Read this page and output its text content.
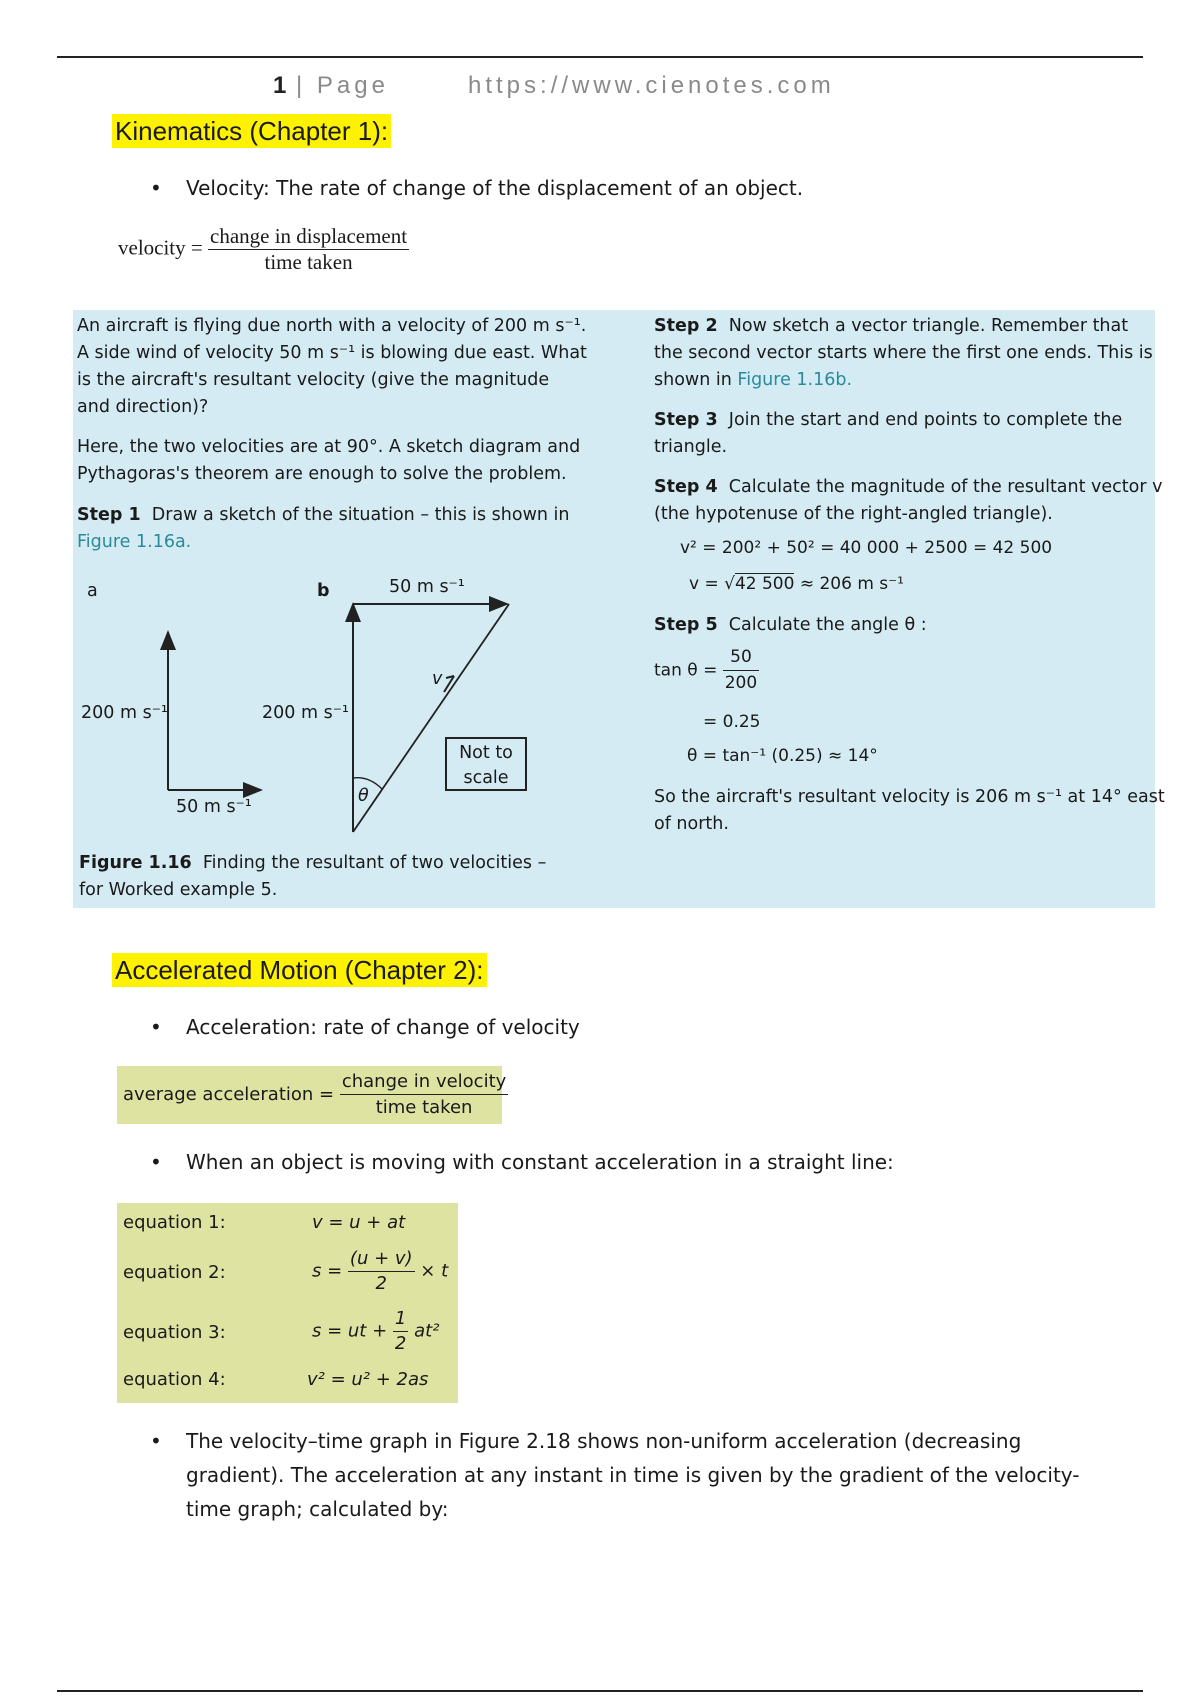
1 | Page	https://www.cienotes.com
Kinematics (Chapter 1):
• Velocity: The rate of change of the displacement of an object.
velocity = $\frac{\text{change in displacement}}{\text{time taken}}$
An aircraft is flying due north with a velocity of 200 m s⁻¹.
A side wind of velocity 50 m s⁻¹ is blowing due east. What
is the aircraft's resultant velocity (give the magnitude
and direction)?
Here, the two velocities are at 90°. A sketch diagram and
Pythagoras's theorem are enough to solve the problem.
Step 1 Draw a sketch of the situation – this is shown in
Figure 1.16a.
a	b
200 m s⁻¹
50 m s⁻¹
50 m s⁻¹
200 m s⁻¹
v
θ
Not to
scale
Figure 1.16 Finding the resultant of two velocities –
for Worked example 5.
Step 2 Now sketch a vector triangle. Remember that
the second vector starts where the first one ends. This is
shown in Figure 1.16b.
Step 3 Join the start and end points to complete the
triangle.
Step 4 Calculate the magnitude of the resultant vector v
(the hypotenuse of the right-angled triangle).
v² = 200² + 50² = 40 000 + 2500 = 42 500
v = √42 500 ≈ 206 m s⁻¹
Step 5 Calculate the angle θ :
$\tan \theta = \frac{50}{200}$
= 0.25
θ = tan⁻¹ (0.25) ≈ 14°
So the aircraft's resultant velocity is 206 m s⁻¹ at 14° east
of north.
Accelerated Motion (Chapter 2):
• Acceleration: rate of change of velocity
average acceleration = $\frac{\text{change in velocity}}{\text{time taken}}$
• When an object is moving with constant acceleration in a straight line:
equation 1:	v = u + at
equation 2:	$s = \frac{(u + v)}{2} \times t$
equation 3:	s = ut + $\frac{1}{2} at^2$
equation 4:	v² = u² + 2as
• The velocity–time graph in Figure 2.18 shows non-uniform acceleration (decreasing
gradient). The acceleration at any instant in time is given by the gradient of the velocity-
time graph; calculated by:
